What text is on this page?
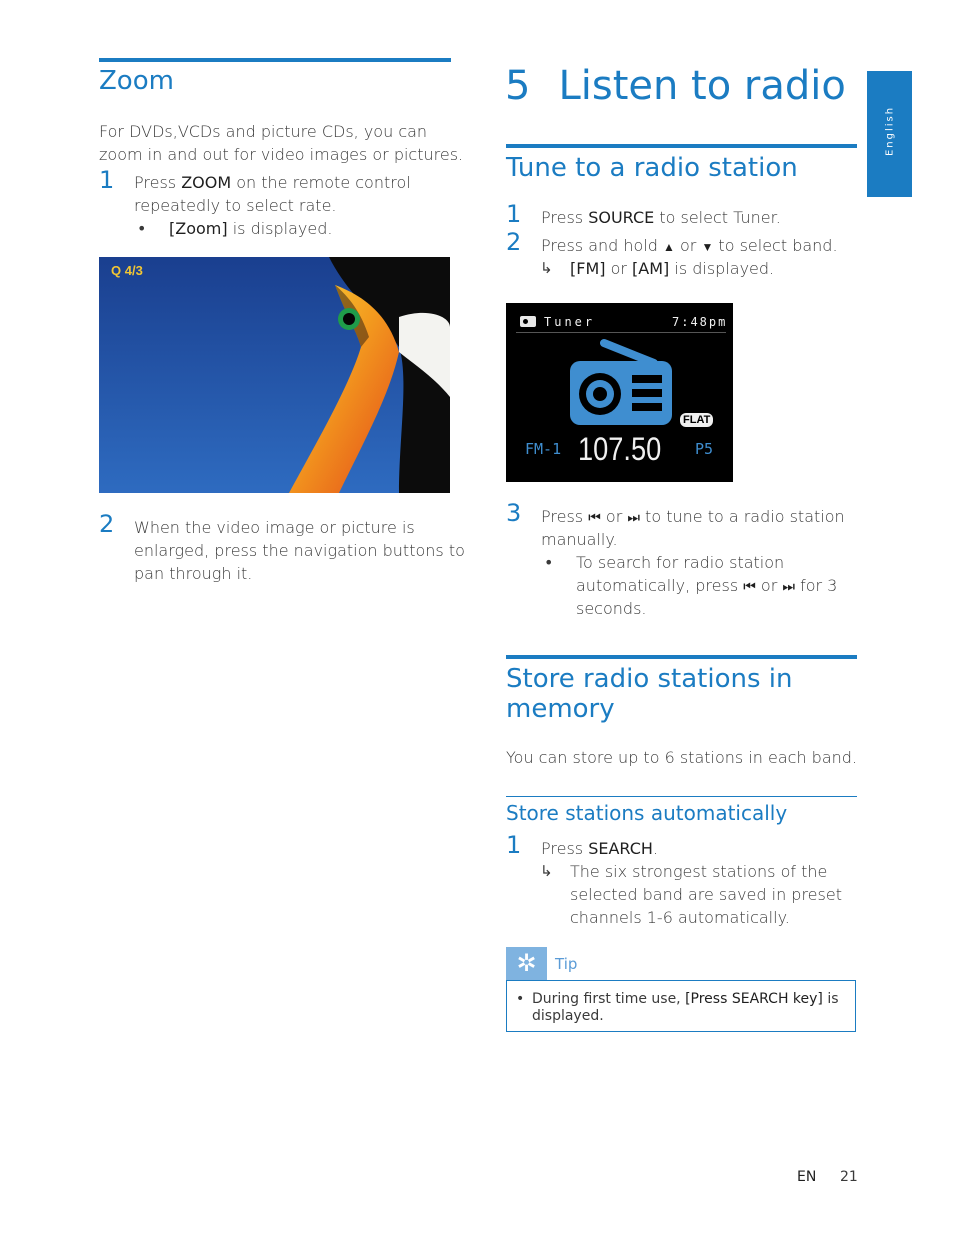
Zoom
For DVDs,VCDs and picture CDs, you can
zoom in and out for video images or pictures.
1 Press ZOOM on the remote control
repeatedly to select rate.
• [Zoom] is displayed.
Q 4/3
2 When the video image or picture is
enlarged, press the navigation buttons to
pan through it.
5 Listen to radio
English
Tune to a radio station
1 Press SOURCE to select Tuner.
2 Press and hold ▲ or ▼ to select band.
↳ [FM] or [AM] is displayed.
Tuner	7:48pm
FLAT
FM-1 107.50 P5
3 Press ⏮ or ⏭ to tune to a radio station
manually.
• To search for radio station
automatically, press ⏮ or ⏭ for 3
seconds.
Store radio stations in
memory
You can store up to 6 stations in each band.
Store stations automatically
1 Press SEARCH.
↳ The six strongest stations of the
selected band are saved in preset
channels 1-6 automatically.
✲	Tip
• During first time use, [Press SEARCH key] is
displayed.
EN 21
